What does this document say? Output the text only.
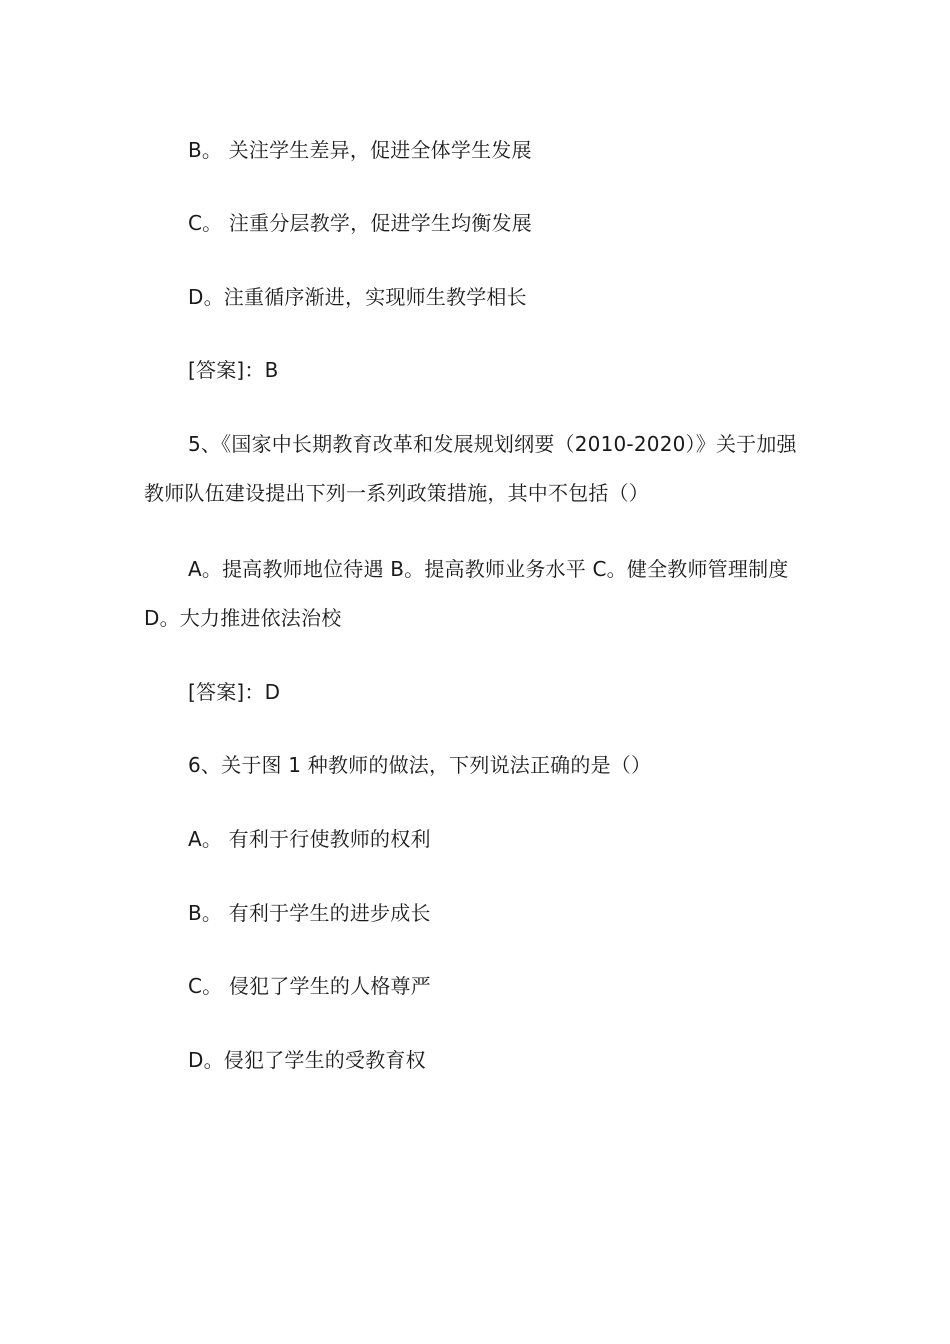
B。 关注学生差异，促进全体学生发展
C。 注重分层教学，促进学生均衡发展
D。注重循序渐进，实现师生教学相长
[答案]：B
5、《国家中长期教育改革和发展规划纲要（2010-2020）》关于加强教师队伍建设提出下列一系列政策措施，其中不包括（）
A。提高教师地位待遇 B。提高教师业务水平 C。健全教师管理制度 D。大力推进依法治校
[答案]：D
6、关于图 1 种教师的做法，下列说法正确的是（）
A。 有利于行使教师的权利
B。 有利于学生的进步成长
C。 侵犯了学生的人格尊严
D。侵犯了学生的受教育权
